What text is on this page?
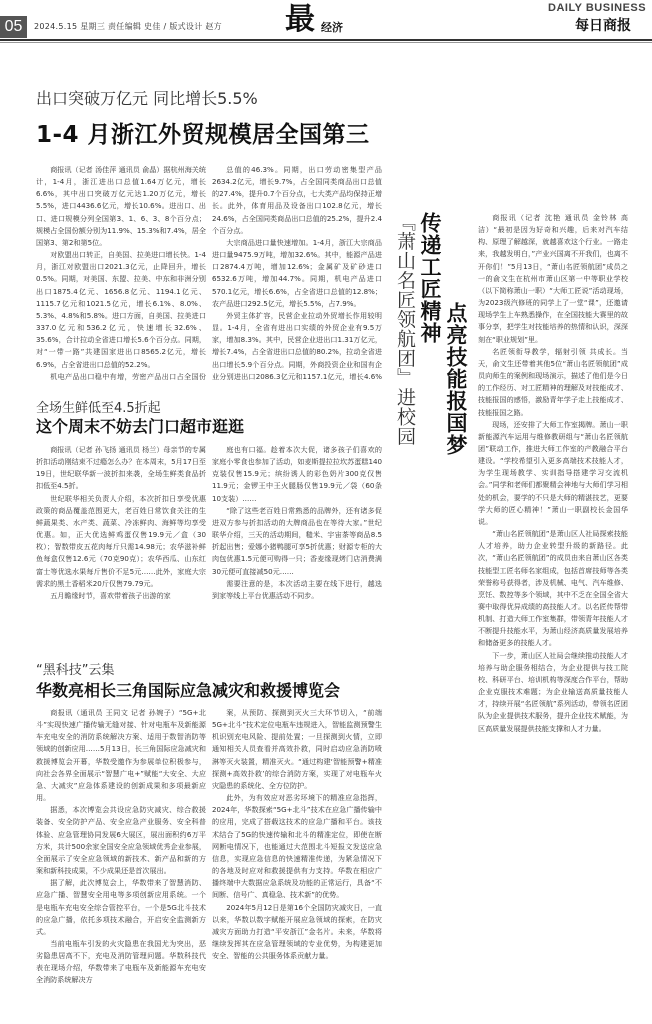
05	2024.5.15 星期三 责任编辑 史佳 / 版式设计 赵方 最 经济
DAILY BUSINESS
每日商报
出口突破万亿元 同比增长5.5%
1-4 月浙江外贸规模居全国第三

商报讯（记者 汤佳萍 通讯员 俞晶）据杭州海关统计，1-4月，浙江进出口总值1.64万亿元，增长6.6%，其中出口突破万亿元达1.20万亿元，增长5.5%，进口4436.6亿元，增长10.6%。进出口、出口、进口规模分列全国第3、1、6、3、8个百分点；规模占全国份额分别为11.9%、15.3%和7.4%，居全国第3、第2和第5位。

对欧盟出口转正，自美国、拉美进口增长快。1-4月，浙江对欧盟出口2021.3亿元，止降回升，增长0.5%。同期，对美国、东盟、拉美、中东和非洲分别出口1875.4亿元、1656.8亿元、1194.1亿元、1115.7亿元和1021.5亿元，增长6.1%、8.0%、5.3%、4.8%和5.8%。进口方面，自美国、拉美进口337.0亿元和536.2亿元，快速增长32.6%、35.6%，合计拉动全省进口增长5.6个百分点。同期，对“一带一路”共建国家进出口8565.2亿元，增长6.9%，占全省进出口总值的52.2%。

机电产品出口稳中有增，劳密产品出口占全国份

总值的46.3%。同期，出口劳动密集型产品2634.2亿元，增长9.7%，占全国同类商品出口总值的27.4%，提升0.7个百分点，七大类产品均保持正增长。此外，体育用品及设备出口102.8亿元，增长24.6%，占全国同类商品出口总值的25.2%，提升2.4个百分点。

大宗商品进口量快速增加。1-4月，浙江大宗商品进口量9475.9万吨，增加32.6%。其中，能源产品进口2874.4万吨，增加12.6%；金属矿及矿砂进口6532.6万吨，增加44.7%。同期，机电产品进口570.1亿元，增长6.6%，占全省进口总值的12.8%；农产品进口292.5亿元，增长5.5%，占7.9%。

外贸主体扩容，民营企业拉动外贸增长作用较明显。1-4月，全省有进出口实绩的外贸企业有9.5万家，增加8.3%。其中，民营企业进出口1.31万亿元，增长7.4%，占全省进出口总值的80.2%，拉动全省进出口增长5.9个百分点。同期，外商投资企业和国有企业分别进出口2086.3亿元和1157.1亿元，增长4.6%

全场生鲜低至4.5折起
这个周末不妨去门口超市逛逛

商报讯（记者 孙飞扬 通讯员 杨兰）母亲节的专属折扣活动刚结束不过瘾怎么办？在本周末，5月17日至19日，世纪联华新一波折扣来袭，全场生鲜类食品折扣低至4.5折。

世纪联华相关负责人介绍，本次折扣日享受优惠政策的商品覆盖范围更大，老百姓日常饮食关注的生鲜蔬果类、水产类、蔬菜、冷冻鲜肉、海鲜等均享受优惠。如，正大优选鲜鸡蛋仅售19.9元／盒（30枚）；智数带皮五花肉每斤只需14.98元；农华滋补鲜鱼每盒仅售12.6元（70克90克）；农华西瓜、山东红富士等优选水果每斤售价不足5元……此外，家庭大宗需求的黑土香稻米20斤仅售79.79元。

五月瞻缘时节，喜欢带着孩子出游的家

庭也有口福。趁着本次大促，诸多孩子们喜欢的家庭小零食也参加了活动，如麦斯提拉拉坎苏蛋糕140克装仅售15.9元；缤纷诱人的彩色奶片300克仅售11.9元；金锣王中王火腿肠仅售19.9元／袋（60条10支装）……

“除了这些老百姓日常熟悉的品牌外，还有诸多促进双方参与折扣活动的大牌商品也在等待大家。”世纪联华介绍，三天的活动期间，糙米、宇宙茶等商品8.5折起出售；爱娜小猪鸭腿可享5折优惠；财源专柜的大肉包优惠1.5元便可购得一只；香麦缘现烤门店消费满30元便可直接减50元……

需要注意的是，本次活动主要在线下进行，越选到家等线上平台优惠活动不同步。

“黑科技”云集
华数亮相长三角国际应急减灾和救援博览会

商报讯（通讯员 王同文 记者 孙婉子）“5G+北斗”实现快速广播传输无缝对接、针对电瓶车及新能源车充电安全的消防系统解决方案、适用于数智消防等领域的创新应用……5月13日，长三角国际应急减灾和救援博览会开幕，华数受邀作为参展单位积极参与，向社会各界全面展示“智慧广电+”赋能“大安全、大应急、大减灾”应急体系建设的创新成果和多项最新应用。

据悉，本次博览会共设应急防灾减灾、综合救援装备、安全防护产品、安全应急产业服务、安全科普体验、应急管理协同发展6大展区，展出面积约6万平方米，共计500余家全国安全应急领域优秀企业参展，全面展示了安全应急领域的新技术、新产品和新的方案和新科技成果，不少成果还是首次展出。

据了解，此次博览会上，华数带来了智慧消防、应急广播、智慧安全用电等多项创新应用系统。一个是电瓶车充电安全综合管控平台，一个是5G北斗技术的应急广播，依托多项技术融合，开启安全监测新方式。

当前电瓶车引发的火灾隐患在我国尤为突出，恶劣隐患居高不下，充电及消防管理问题。华数科技代表在现场介绍，华数带来了电瓶车及新能源车充电安全消防系统解决方

案，从预防、探测到灭火三大环节切入，“前端5G+北斗”技术定位电瓶车违规进入，智能监测预警生机识别充电风险、提前处置；一旦探测到火情，立即通知相关人员查看并高效扑救，同时启动应急消防喷淋等灭火装置，精准灭火。“通过构建‘智能预警+精准探测+高效扑救’的综合消防方案，实现了对电瓶车火灾隐患的系统化、全方位防护。

此外，为有效应对恶劣环境下的精准应急指挥，2024年，华数探索“5G+北斗”技术在应急广播传输中的应用，完成了搭载这技术的应急广播和平台。该技术结合了5G的快速传输和北斗的精准定位，即使在断网断电情况下，也能通过大范围北斗短报文发送应急信息，实现应急信息的快速精准传递，为紧急情况下的各地及时应对和救援提供有力支持。华数在相应广播终端中大数据应急系统及功能的正常运行，具备“不间断、信号广、真稳急、技术新”的优势。

2024年5月12日是第16个全国防灾减灾日，一直以来，华数以数字赋能开展应急领域的探索，在防灾减灾方面助力打造“平安浙江”金名片。未来，华数将继续发挥其在应急管理领域的专业优势，为构建更加安全、智能的公共服务体系贡献力量。

『萧山名匠领航团』进校园 传递工匠精神
点亮技能报国梦

商报讯（记者 沈艳 通讯员 金铃林 高洁）“最初是因为好奇和兴趣，后来对汽车结构、原理了解越深，就越喜欢这个行业。一路走来，我越发明白，”产业兴国离不开我们，也离不开你们！”5月13日，“萧山名匠领航团”成员之一的俞文生在杭州市萧山区第一中等职业学校（以下简称萧山一职）“大师工匠说”活动现场，为2023级汽修班的同学上了一堂“课”，还邀请现场学生上车熟悉操作，在全国技能大赛里的故事分享，把学生对技能培养的热情和认识，深深刻在“职业规划”里。

名匠领衔导教学，辐射引领 共成长。当天，俞文生还带着其他5位“萧山名匠领航团”成员向师生的案例和现场演示，描述了他们是今日的工作经历、对工匠精神的理解及对技能成才、技能报国的感悟，激励青年学子走上技能成才、技能报国之路。

现场，还安排了大师工作室揭牌。萧山一职新能源汽车运用与维修教研组与“萧山名匠领航团”联动工作，推进大师工作室的产教融合平台建设。“学校希望引入更多高端技术技能人才，为学生现场教学、实训指导搭建学习交流机会。”同学和老师们都聚精会神地与大师们学习相处的机会，要学的不只是大师的精湛技艺，更要学大师的匠心精神！”萧山一职副校长金国华说。

“萧山名匠领航团”是萧山区人社局探索技能人才培养，助力企业转型升级的新路径。此次，“萧山名匠领航团”的成员由来自萧山区各类技能型工匠名师名家组成，包括首席技师等各类荣誉称号获得者，涉及机械、电气、汽车维修、烹饪、数控等多个领域，其中不乏在全国全省大赛中取得优异成绩的高技能人才。以名匠传帮带机制、打造大师工作室集群，带领青年技能人才不断提升技能水平，为萧山经济高质量发展培养和储备更多的技能人才。

下一步，萧山区人社局会继续推动技能人才培养与助企服务相结合，为企业提供与技工院校、科研平台、培训机构等深度合作平台，帮助企业克服技术难题；为企业输送高质量技能人才，持续开展“名匠领航”系列活动，带领名匠团队为企业提供技术服务，提升企业技术赋能，为区高质量发展提供技能支撑和人才力量。
